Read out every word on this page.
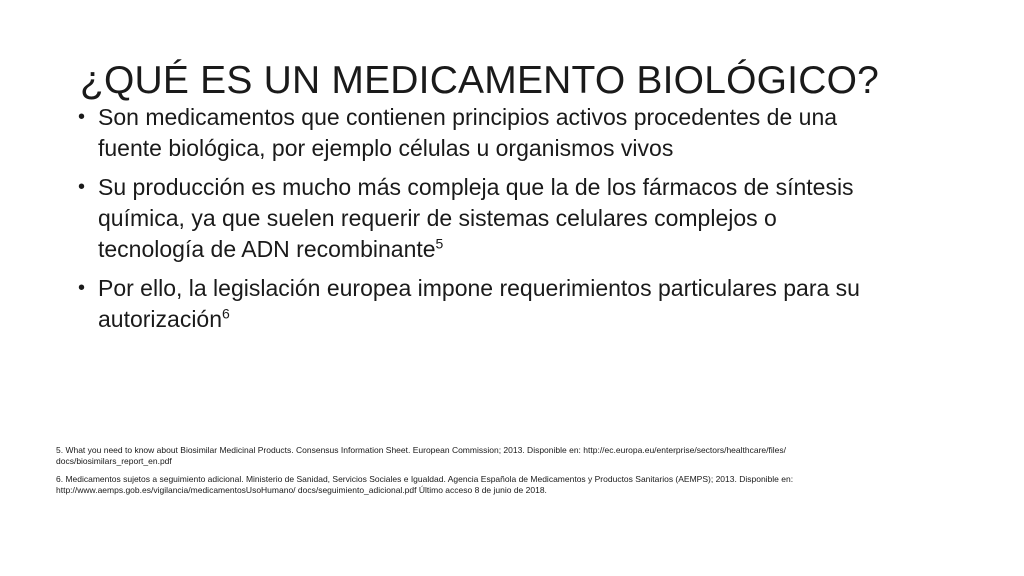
¿QUÉ ES UN MEDICAMENTO BIOLÓGICO?
• Son medicamentos que contienen principios activos procedentes de una fuente biológica, por ejemplo células u organismos vivos
• Su producción es mucho más compleja que la de los fármacos de síntesis química, ya que suelen requerir de sistemas celulares complejos o tecnología de ADN recombinante$^5$
• Por ello, la legislación europea impone requerimientos particulares para su autorización$^6$

5. What you need to know about Biosimilar Medicinal Products. Consensus Information Sheet. European Commission; 2013. Disponible en: http://ec.europa.eu/enterprise/sectors/healthcare/files/ docs/biosimilars_report_en.pdf

6. Medicamentos sujetos a seguimiento adicional. Ministerio de Sanidad, Servicios Sociales e Igualdad. Agencia Española de Medicamentos y Productos Sanitarios (AEMPS); 2013. Disponible en: http://www.aemps.gob.es/vigilancia/medicamentosUsoHumano/ docs/seguimiento_adicional.pdf Último acceso 8 de junio de 2018.
